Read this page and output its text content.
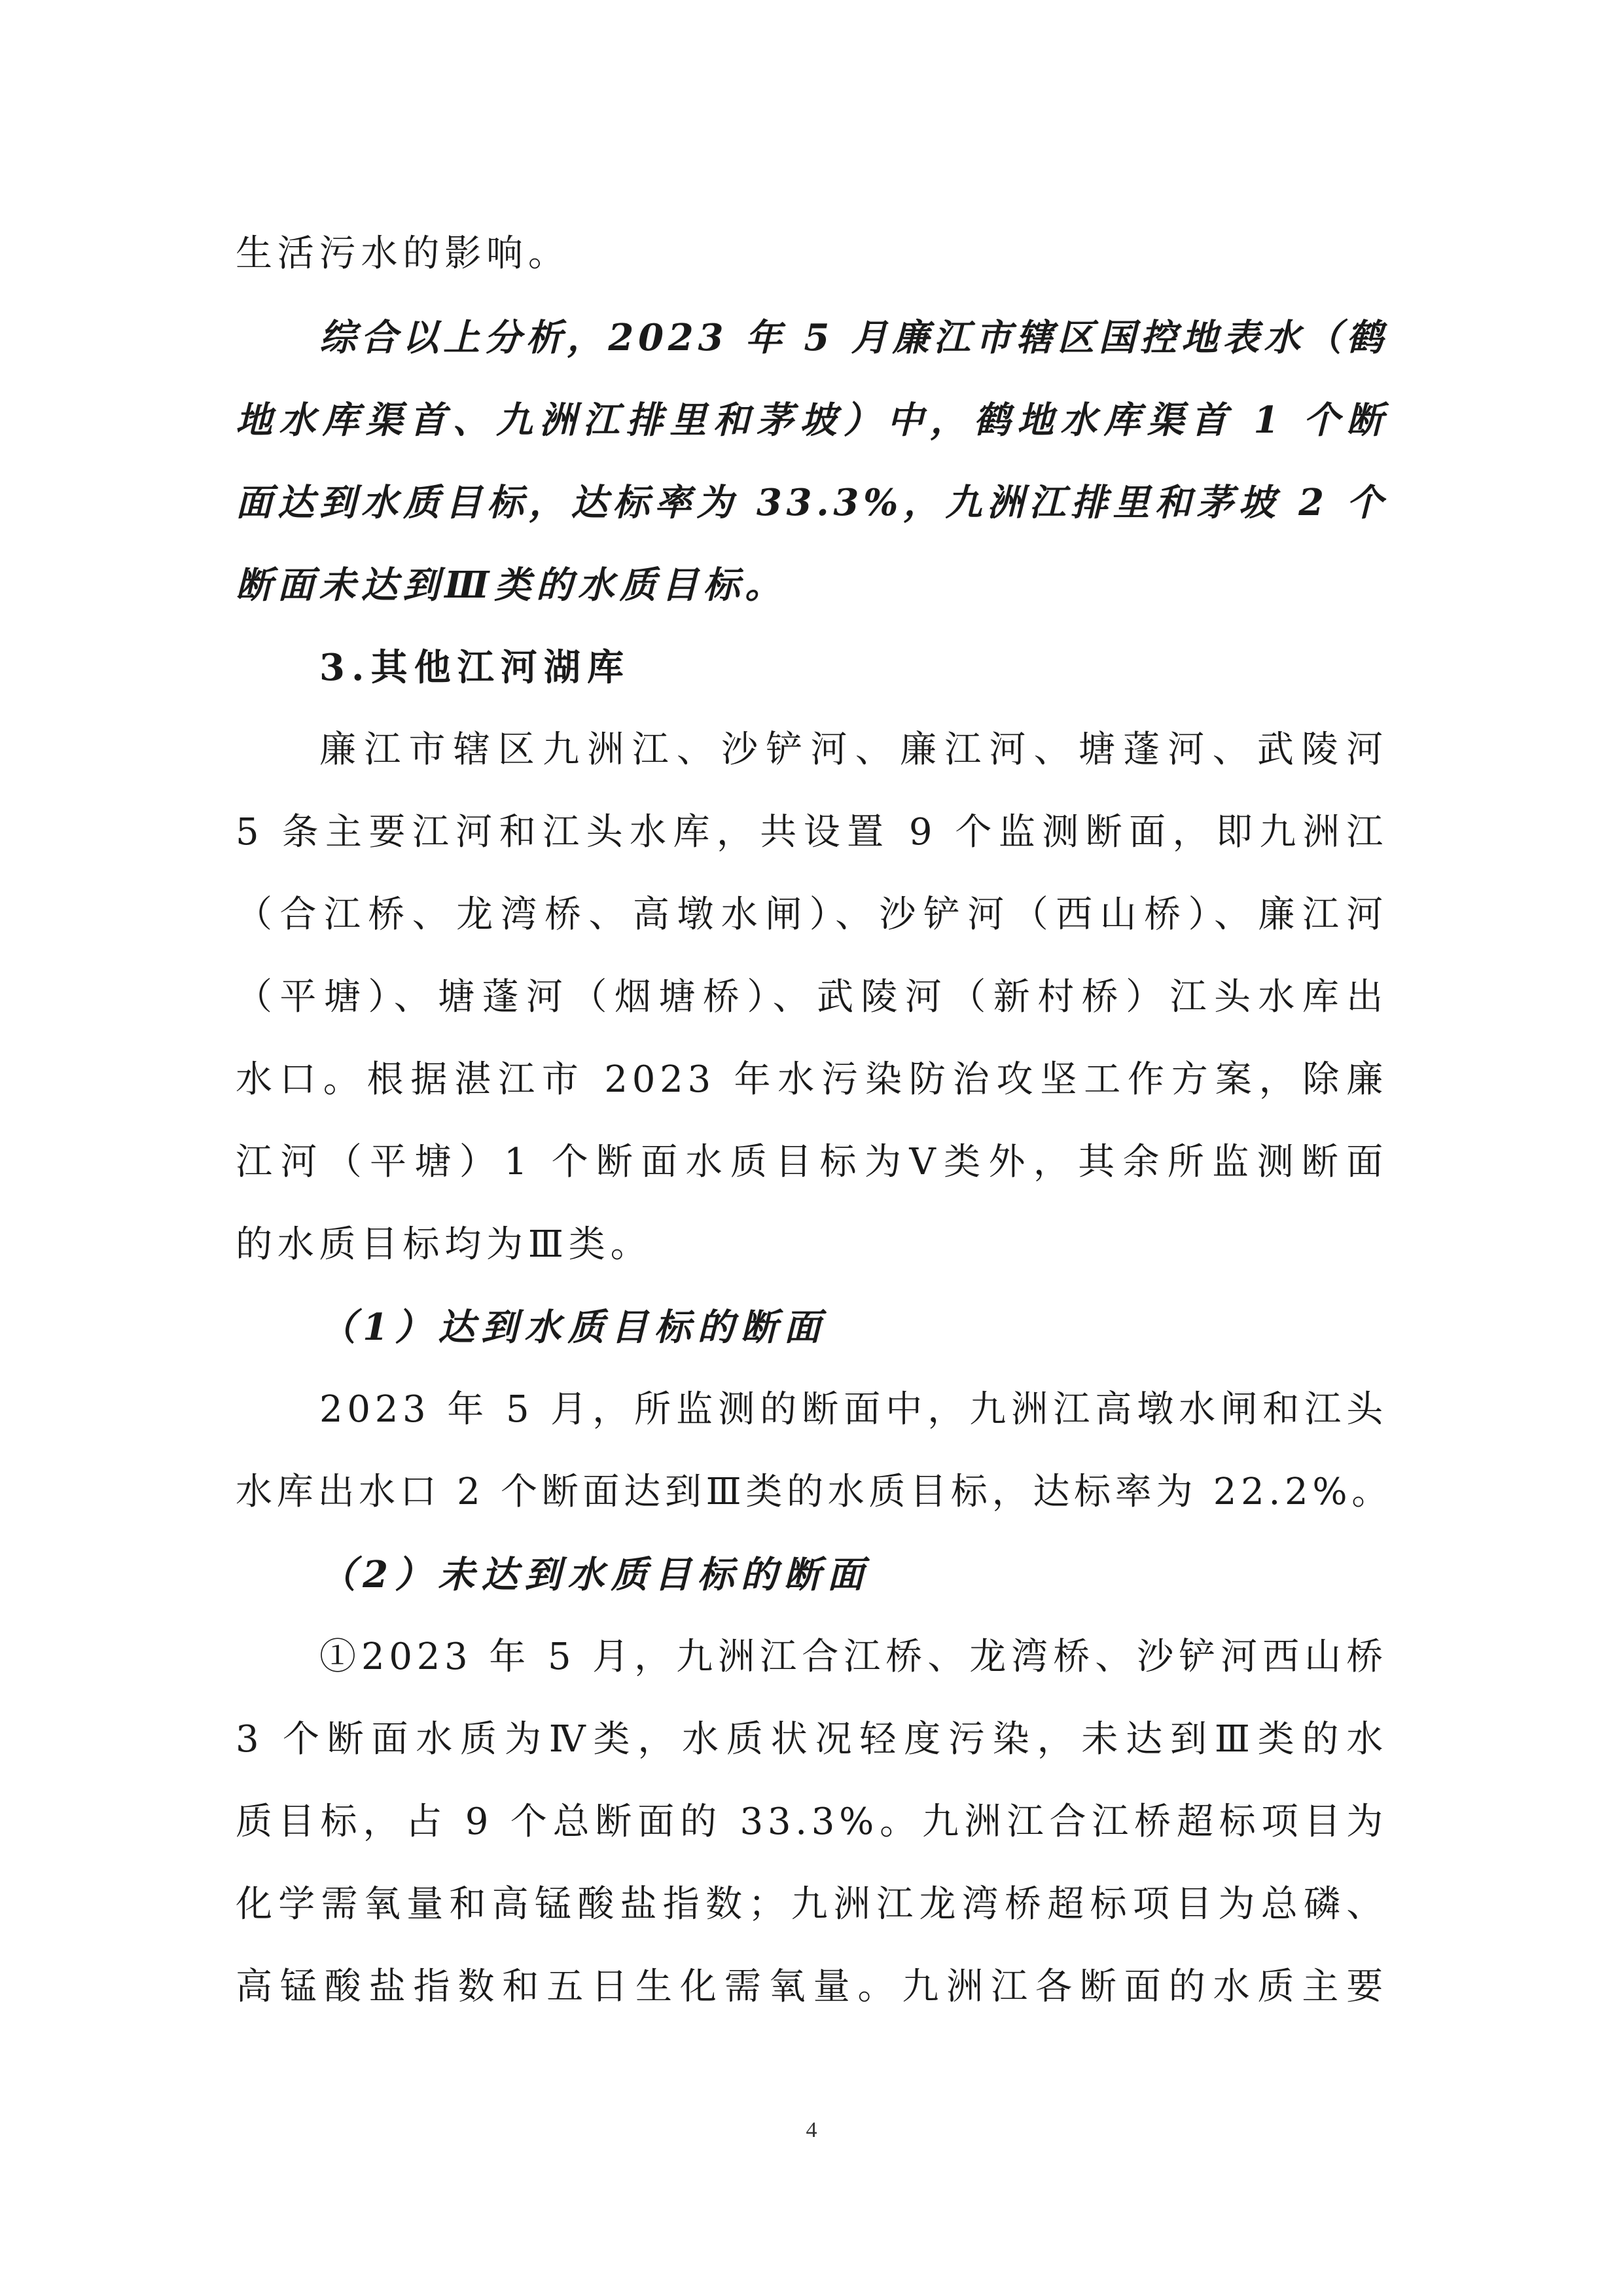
生活污水的影响。
综合以上分析，2023 年 5 月廉江市辖区国控地表水（鹤
地水库渠首、九洲江排里和茅坡）中，鹤地水库渠首 1 个断
面达到水质目标，达标率为 33.3%，九洲江排里和茅坡 2 个
断面未达到Ⅲ类的水质目标。
3.其他江河湖库
廉江市辖区九洲江、沙铲河、廉江河、塘蓬河、武陵河
5 条主要江河和江头水库，共设置 9 个监测断面，即九洲江
（合江桥、龙湾桥、高墩水闸）、沙铲河（西山桥）、廉江河
（平塘）、塘蓬河（烟塘桥）、武陵河（新村桥）江头水库出
水口。根据湛江市 2023 年水污染防治攻坚工作方案，除廉
江河（平塘）1 个断面水质目标为Ⅴ类外，其余所监测断面
的水质目标均为Ⅲ类。
（1）达到水质目标的断面
2023 年 5 月，所监测的断面中，九洲江高墩水闸和江头
水库出水口 2 个断面达到Ⅲ类的水质目标，达标率为 22.2%。
（2）未达到水质目标的断面
①2023 年 5 月，九洲江合江桥、龙湾桥、沙铲河西山桥
3 个断面水质为Ⅳ类，水质状况轻度污染，未达到Ⅲ类的水
质目标，占 9 个总断面的 33.3%。九洲江合江桥超标项目为
化学需氧量和高锰酸盐指数；九洲江龙湾桥超标项目为总磷、
高锰酸盐指数和五日生化需氧量。九洲江各断面的水质主要
4
